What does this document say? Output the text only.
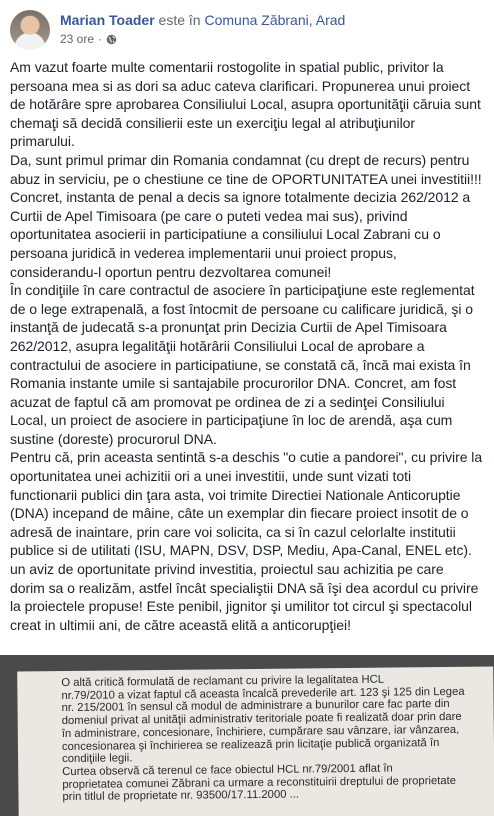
Marian Toader este în Comuna Zăbrani, Arad
23 ore ·
Am vazut foarte multe comentarii rostogolite in spatial public, privitor la
persoana mea si as dori sa aduc cateva clarificari. Propunerea unui proiect
de hotărâre spre aprobarea Consiliului Local, asupra oportunităţii căruia sunt
chemaţi să decidă consilierii este un exerciţiu legal al atribuţiunilor
primarului.
Da, sunt primul primar din Romania condamnat (cu drept de recurs) pentru
abuz in serviciu, pe o chestiune ce tine de OPORTUNITATEA unei investitii!!!
Concret, instanta de penal a decis sa ignore totalmente decizia 262/2012 a
Curtii de Apel Timisoara (pe care o puteti vedea mai sus), privind
oportunitatea asocierii in participatiune a consiliului Local Zabrani cu o
persoana juridică in vederea implementarii unui proiect propus,
considerandu-l oportun pentru dezvoltarea comunei!
În condiţiile în care contractul de asociere în participaţiune este reglementat
de o lege extrapenală, a fost întocmit de persoane cu calificare juridică, şi o
instanţă de judecată s-a pronunţat prin Decizia Curtii de Apel Timisoara
262/2012, asupra legalităţii hotărârii Consiliului Local de aprobare a
contractului de asociere in participatiune, se constată că, încă mai exista în
Romania instante umile si santajabile procurorilor DNA. Concret, am fost
acuzat de faptul că am promovat pe ordinea de zi a sedinţei Consiliului
Local, un proiect de asociere in participaţiune în loc de arendă, aşa cum
sustine (doreste) procurorul DNA.
Pentru că, prin aceasta sentintă s-a deschis "o cutie a pandorei", cu privire la
oportunitatea unei achizitii ori a unei investitii, unde sunt vizati toti
functionarii publici din ţara asta, voi trimite Directiei Nationale Anticoruptie
(DNA) incepand de mâine, câte un exemplar din fiecare proiect insotit de o
adresă de inaintare, prin care voi solicita, ca si în cazul celorlalte institutii
publice si de utilitati (ISU, MAPN, DSV, DSP, Mediu, Apa-Canal, ENEL etc).
un aviz de oportunitate privind investitia, proiectul sau achizitia pe care
dorim sa o realizăm, astfel încât specialiştii DNA să îşi dea acordul cu privire
la proiectele propuse! Este penibil, jignitor şi umilitor tot circul şi spectacolul
creat in ultimii ani, de către această elită a anticorupţiei!
O altă critică formulată de reclamant cu privire la legalitatea HCL
nr.79/2010 a vizat faptul că aceasta încalcă prevederile art. 123 şi 125 din Legea
nr. 215/2001 în sensul că modul de administrare a bunurilor care fac parte din
domeniul privat al unităţii administrativ teritoriale poate fi realizată doar prin dare
în administrare, concesionare, închiriere, cumpărare sau vânzare, iar vânzarea,
concesionarea şi închirierea se realizează prin licitaţie publică organizată în
condiţiile legii.
Curtea observă că terenul ce face obiectul HCL nr.79/2001 aflat în
proprietatea comunei Zăbrani ca urmare a reconstituirii dreptului de proprietate
prin titlul de proprietate nr. 93500/17.11.2000 ...
